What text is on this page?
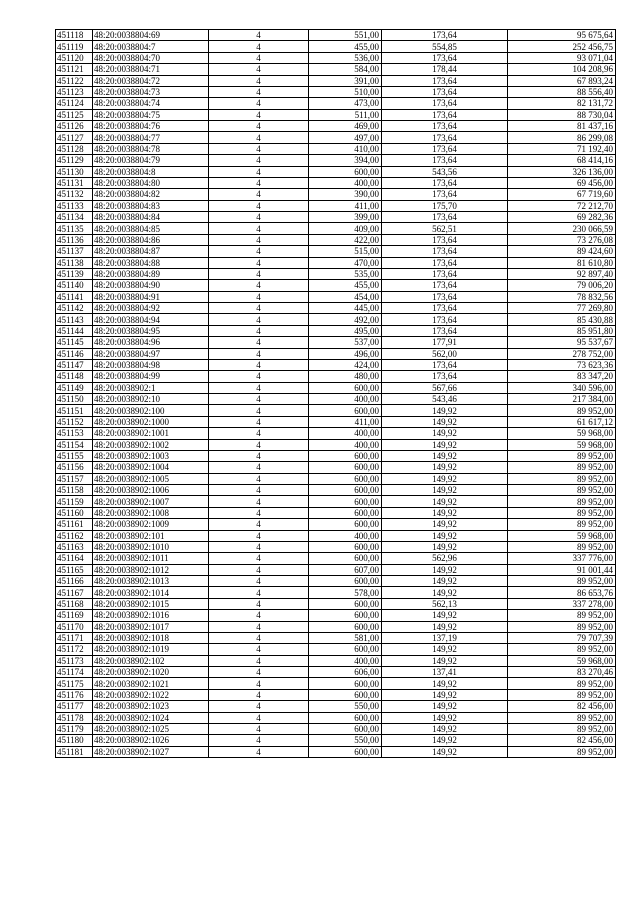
451118	48:20:0038804:69	4	551,00	173,64	95 675,64
451119	48:20:0038804:7	4	455,00	554,85	252 456,75
451120	48:20:0038804:70	4	536,00	173,64	93 071,04
451121	48:20:0038804:71	4	584,00	178,44	104 208,96
451122	48:20:0038804:72	4	391,00	173,64	67 893,24
451123	48:20:0038804:73	4	510,00	173,64	88 556,40
451124	48:20:0038804:74	4	473,00	173,64	82 131,72
451125	48:20:0038804:75	4	511,00	173,64	88 730,04
451126	48:20:0038804:76	4	469,00	173,64	81 437,16
451127	48:20:0038804:77	4	497,00	173,64	86 299,08
451128	48:20:0038804:78	4	410,00	173,64	71 192,40
451129	48:20:0038804:79	4	394,00	173,64	68 414,16
451130	48:20:0038804:8	4	600,00	543,56	326 136,00
451131	48:20:0038804:80	4	400,00	173,64	69 456,00
451132	48:20:0038804:82	4	390,00	173,64	67 719,60
451133	48:20:0038804:83	4	411,00	175,70	72 212,70
451134	48:20:0038804:84	4	399,00	173,64	69 282,36
451135	48:20:0038804:85	4	409,00	562,51	230 066,59
451136	48:20:0038804:86	4	422,00	173,64	73 276,08
451137	48:20:0038804:87	4	515,00	173,64	89 424,60
451138	48:20:0038804:88	4	470,00	173,64	81 610,80
451139	48:20:0038804:89	4	535,00	173,64	92 897,40
451140	48:20:0038804:90	4	455,00	173,64	79 006,20
451141	48:20:0038804:91	4	454,00	173,64	78 832,56
451142	48:20:0038804:92	4	445,00	173,64	77 269,80
451143	48:20:0038804:94	4	492,00	173,64	85 430,88
451144	48:20:0038804:95	4	495,00	173,64	85 951,80
451145	48:20:0038804:96	4	537,00	177,91	95 537,67
451146	48:20:0038804:97	4	496,00	562,00	278 752,00
451147	48:20:0038804:98	4	424,00	173,64	73 623,36
451148	48:20:0038804:99	4	480,00	173,64	83 347,20
451149	48:20:0038902:1	4	600,00	567,66	340 596,00
451150	48:20:0038902:10	4	400,00	543,46	217 384,00
451151	48:20:0038902:100	4	600,00	149,92	89 952,00
451152	48:20:0038902:1000	4	411,00	149,92	61 617,12
451153	48:20:0038902:1001	4	400,00	149,92	59 968,00
451154	48:20:0038902:1002	4	400,00	149,92	59 968,00
451155	48:20:0038902:1003	4	600,00	149,92	89 952,00
451156	48:20:0038902:1004	4	600,00	149,92	89 952,00
451157	48:20:0038902:1005	4	600,00	149,92	89 952,00
451158	48:20:0038902:1006	4	600,00	149,92	89 952,00
451159	48:20:0038902:1007	4	600,00	149,92	89 952,00
451160	48:20:0038902:1008	4	600,00	149,92	89 952,00
451161	48:20:0038902:1009	4	600,00	149,92	89 952,00
451162	48:20:0038902:101	4	400,00	149,92	59 968,00
451163	48:20:0038902:1010	4	600,00	149,92	89 952,00
451164	48:20:0038902:1011	4	600,00	562,96	337 776,00
451165	48:20:0038902:1012	4	607,00	149,92	91 001,44
451166	48:20:0038902:1013	4	600,00	149,92	89 952,00
451167	48:20:0038902:1014	4	578,00	149,92	86 653,76
451168	48:20:0038902:1015	4	600,00	562,13	337 278,00
451169	48:20:0038902:1016	4	600,00	149,92	89 952,00
451170	48:20:0038902:1017	4	600,00	149,92	89 952,00
451171	48:20:0038902:1018	4	581,00	137,19	79 707,39
451172	48:20:0038902:1019	4	600,00	149,92	89 952,00
451173	48:20:0038902:102	4	400,00	149,92	59 968,00
451174	48:20:0038902:1020	4	606,00	137,41	83 270,46
451175	48:20:0038902:1021	4	600,00	149,92	89 952,00
451176	48:20:0038902:1022	4	600,00	149,92	89 952,00
451177	48:20:0038902:1023	4	550,00	149,92	82 456,00
451178	48:20:0038902:1024	4	600,00	149,92	89 952,00
451179	48:20:0038902:1025	4	600,00	149,92	89 952,00
451180	48:20:0038902:1026	4	550,00	149,92	82 456,00
451181	48:20:0038902:1027	4	600,00	149,92	89 952,00
